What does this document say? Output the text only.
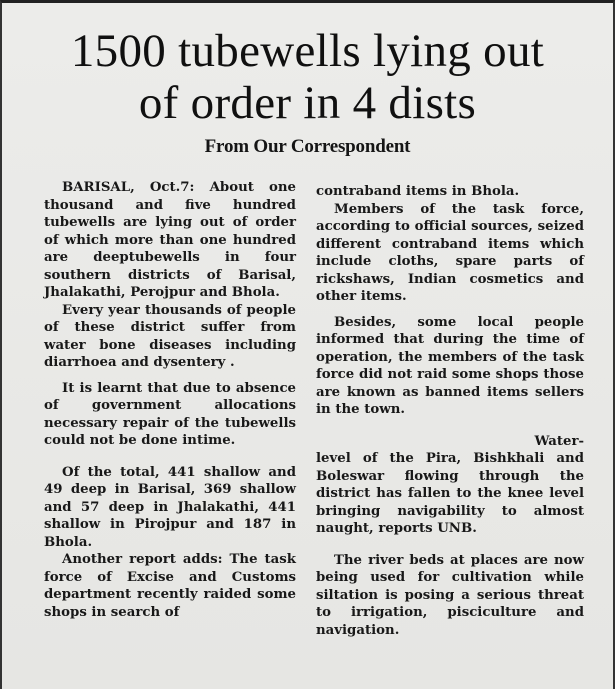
1500 tubewells lying out
of order in 4 dists
From Our Correspondent

BARISAL, Oct.7: About one thousand and five hundred tubewells are lying out of order of which more than one hundred are deeptubewells in four southern districts of Barisal, Jhalakathi, Perojpur and Bhola.

Every year thousands of people of these district suffer from water bone diseases including diarrhoea and dysentery .

It is learnt that due to absence of government allocations necessary repair of the tubewells could not be done intime.

Of the total, 441 shallow and 49 deep in Barisal, 369 shallow and 57 deep in Jhalakathi, 441 shallow in Pirojpur and 187 in Bhola.

Another report adds: The task force of Excise and Customs department recently raided some shops in search of

contraband items in Bhola.

Members of the task force, according to official sources, seized different contraband items which include cloths, spare parts of rickshaws, Indian cosmetics and other items.

Besides, some local people informed that during the time of operation, the members of the task force did not raid some shops those are known as banned items sellers in the town.

Water-

level of the Pira, Bishkhali and Boleswar flowing through the district has fallen to the knee level bringing navigability to almost naught, reports UNB.

The river beds at places are now being used for cultivation while siltation is posing a serious threat to irrigation, pisciculture and navigation.
